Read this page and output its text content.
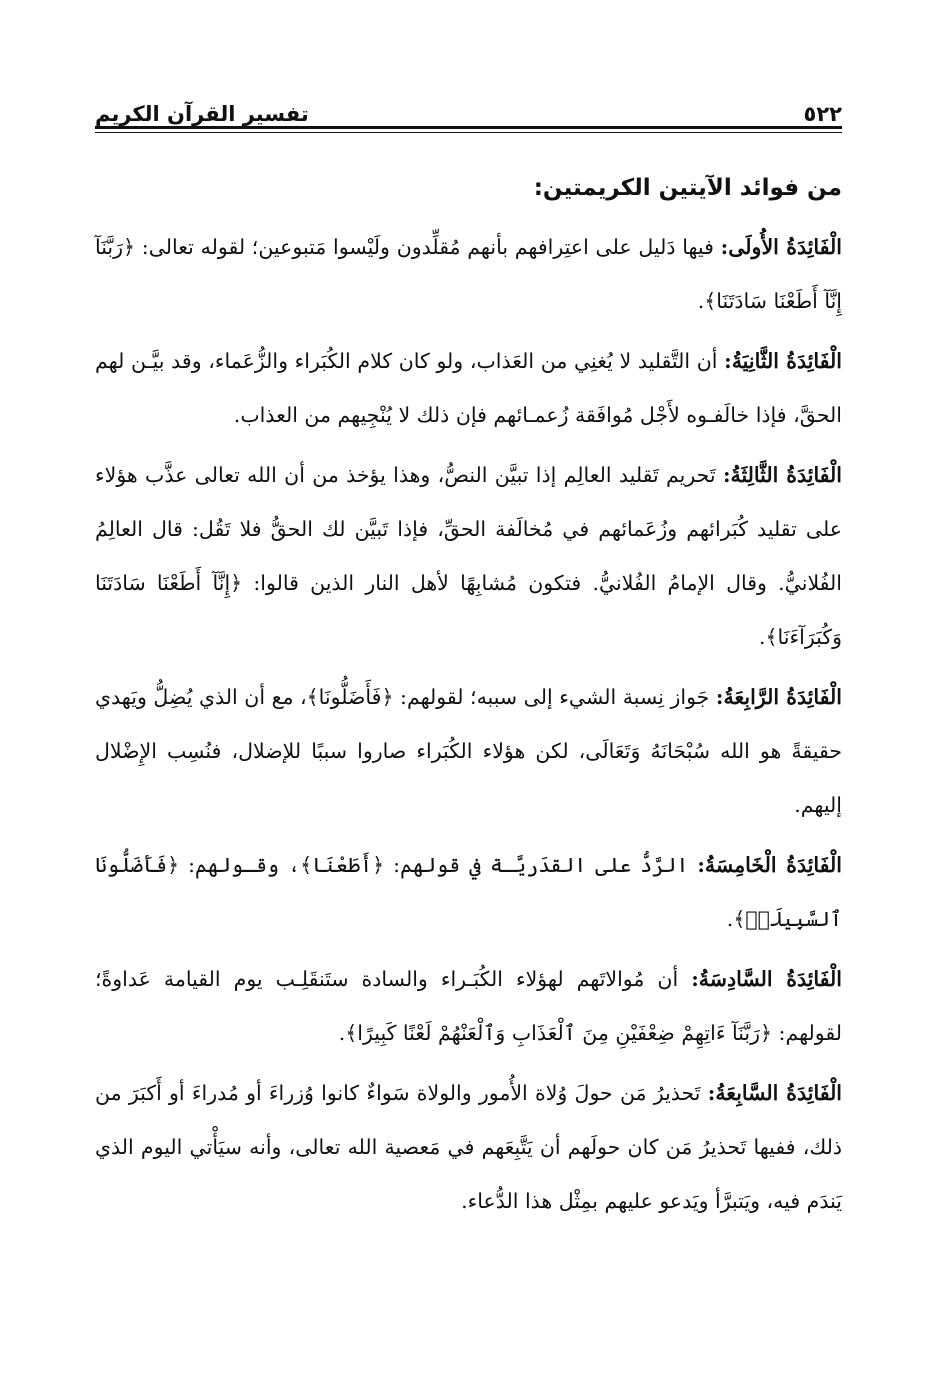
٥٢٢
تفسير القرآن الكريم
من فوائد الآيتين الكريمتين:

الْفَائِدَةُ الأُولَى: فيها دَليل على اعتِرافهم بأنهم مُقلِّدون ولَيْسوا مَتبوعين؛ لقوله تعالى: ﴿رَبَّنَآ إِنَّآ أَطَعْنَا سَادَتَنَا﴾.

الْفَائِدَةُ الثَّانِيَةُ: أن التَّقليد لا يُغنِي من العَذاب، ولو كان كلام الكُبَراء والزُّعَماء، وقد بيَّـن لهم الحقَّ، فإذا خالَفـوه لأَجْل مُوافَقة زُعمـائهم فإن ذلك لا يُنْجِيهم من العذاب.

الْفَائِدَةُ الثَّالِثَةُ: تَحريم تَقليد العالِم إذا تبيَّن النصُّ، وهذا يؤخذ من أن الله تعالى عذَّب هؤلاء على تقليد كُبَرائهم وزُعَمائهم في مُخالَفة الحقِّ، فإذا تَبيَّن لك الحقُّ فلا تَقُل: قال العالِمُ الفُلانيُّ. وقال الإمامُ الفُلانيُّ. فتكون مُشابِهًا لأهل النار الذين قالوا: ﴿إِنَّآ أَطَعْنَا سَادَتَنَا وَكُبَرَآءَنَا﴾.

الْفَائِدَةُ الرَّابِعَةُ: جَواز نِسبة الشيء إلى سببه؛ لقولهم: ﴿فَأَضَلُّونَا﴾، مع أن الذي يُضِلُّ ويَهدي حقيقةً هو الله سُبْحَانَهُ وَتَعَالَى، لكن هؤلاء الكُبَراء صاروا سببًا للإضلال، فنُسِب الإِضْلال إليهم.

الْفَائِدَةُ الْخَامِسَةُ: الرَّدُّ على القدَريَّـة في قولهم: ﴿أَطَعْنَا﴾، وقـولهم: ﴿فَأَضَلُّونَا ٱلسَّبِيلَا۠﴾.

الْفَائِدَةُ السَّادِسَةُ: أن مُوالاتَهم لهؤلاء الكُبَـراء والسادة ستَنقَلِـب يوم القيامة عَداوةً؛ لقولهم: ﴿رَبَّنَآ ءَاتِهِمْ ضِعْفَيْنِ مِنَ ٱلْعَذَابِ وَٱلْعَنْهُمْ لَعْنًا كَبِيرًا﴾.

الْفَائِدَةُ السَّابِعَةُ: تَحذيرُ مَن حولَ وُلاة الأُمور والولاة سَواءٌ كانوا وُزراءَ أو مُدراءَ أو أَكبَرَ من ذلك، ففيها تَحذيرُ مَن كان حولَهم أن يَتَّبِعَهم في مَعصية الله تعالى، وأنه سيَأْتي اليوم الذي يَندَم فيه، ويَتبرَّأ ويَدعو عليهم بمِثْل هذا الدُّعاء.
